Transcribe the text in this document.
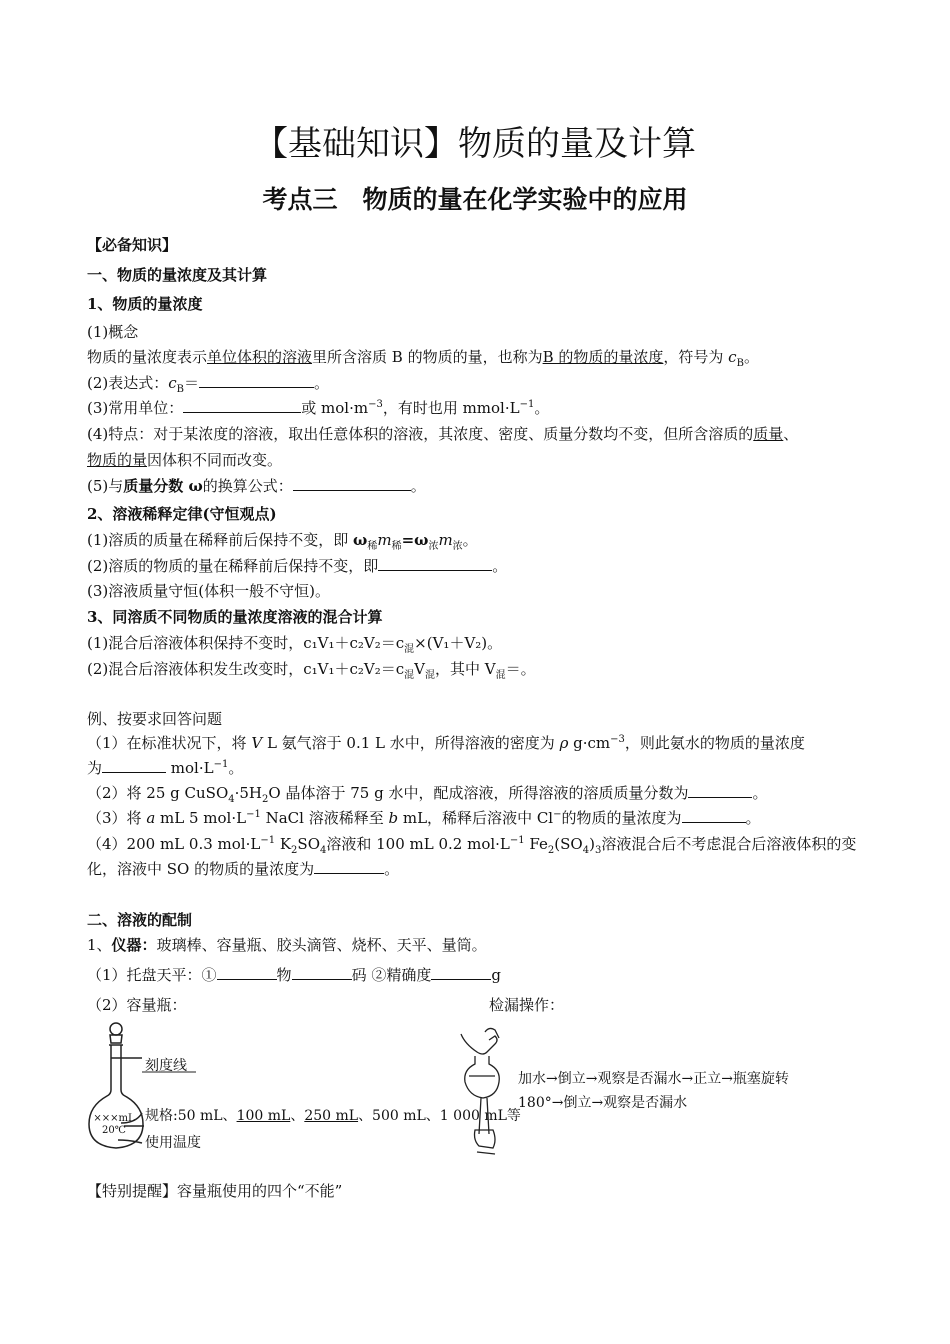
【基础知识】物质的量及计算
考点三　物质的量在化学实验中的应用
【必备知识】
一、物质的量浓度及其计算
1、物质的量浓度
(1)概念
物质的量浓度表示单位体积的溶液里所含溶质 B 的物质的量，也称为B 的物质的量浓度，符号为 $c_B$。
(2)表达式：$c_B=$	。
(3)常用单位：	或 $mol\cdot m^{-3}$，有时也用 $mmol\cdot L^{-1}$。
(4)特点：对于某浓度的溶液，取出任意体积的溶液，其浓度、密度、质量分数均不变，但所含溶质的质量、
物质的量因体积不同而改变。
(5)与质量分数 ω的换算公式：	。
2、溶液稀释定律(守恒观点)
(1)溶质的质量在稀释前后保持不变，即 $\omega_稀m_稀=\omega_浓m_浓$。
(2)溶质的物质的量在稀释前后保持不变，即	。
(3)溶液质量守恒(体积一般不守恒)。
3、同溶质不同物质的量浓度溶液的混合计算
(1)混合后溶液体积保持不变时，$c_1V_1+c_2V_2=c_混\times(V_1+V_2)$。
(2)混合后溶液体积发生改变时，$c_1V_1+c_2V_2=c_混V_混$，其中 $V_混=$。
例、按要求回答问题
（1）在标准状况下，将 V L 氨气溶于 0.1 L 水中，所得溶液的密度为 ρ $g\cdot cm^{-3}$，则此氨水的物质的量浓度
为	$mol\cdot L^{-1}$。
（2）将 25 g $CuSO_4\cdot 5H_2O$ 晶体溶于 75 g 水中，配成溶液，所得溶液的溶质质量分数为	。
（3）将 a mL 5 $mol\cdot L^{-1}$ NaCl 溶液稀释至 b mL，稀释后溶液中 Cl−的物质的量浓度为	。
（4）200 mL 0.3 $mol\cdot L^{-1}$ $K_2SO_4$溶液和 100 mL 0.2 $mol\cdot L^{-1}$ $Fe_2(SO_4)_3$溶液混合后不考虑混合后溶液体积的变
化，溶液中 SO 的物质的量浓度为	。
二、溶液的配制
1、仪器：玻璃棒、容量瓶、胶头滴管、烧杯、天平、量筒。
（1）托盘天平：①	物	码 ②精确度	g
（2）容量瓶：	检漏操作：
刻度线
×××mL
20℃
规格:50 mL、100 mL、250 mL、500 mL、1 000 mL等
使用温度
加水→倒立→观察是否漏水→正立→瓶塞旋转
180°→倒立→观察是否漏水
【特别提醒】容量瓶使用的四个“不能”
